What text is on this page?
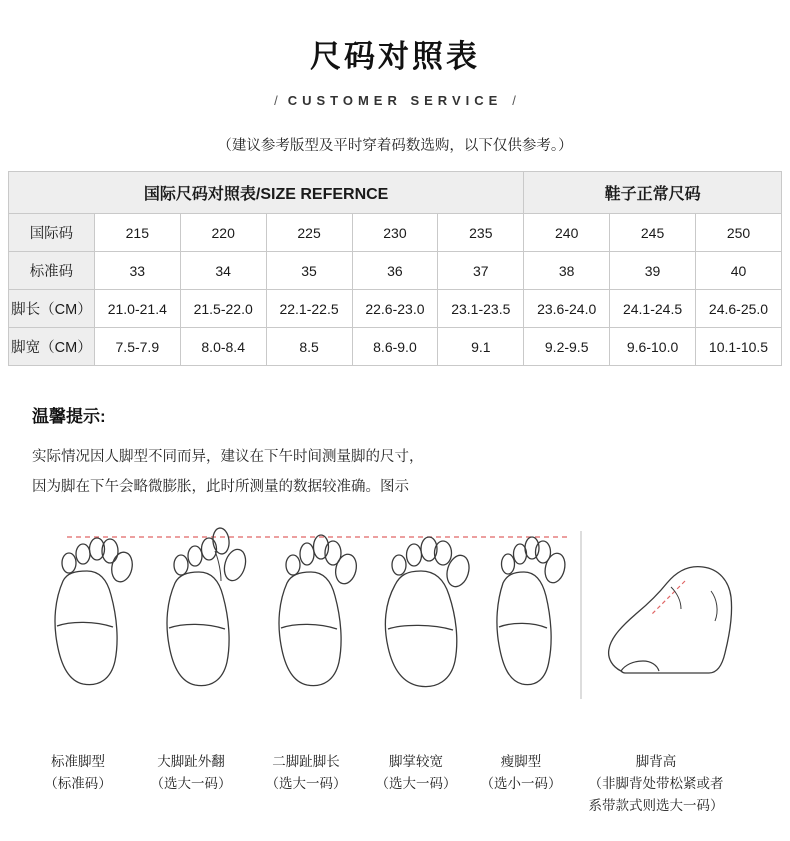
尺码对照表
/ CUSTOMER SERVICE /
（建议参考版型及平时穿着码数选购，以下仅供参考。）
国际尺码对照表/SIZE REFERNCE						鞋子正常尺码		
国际码	215	220	225	230	235	240	245	250
标准码	33	34	35	36	37	38	39	40
脚长（CM）	21.0-21.4	21.5-22.0	22.1-22.5	22.6-23.0	23.1-23.5	23.6-24.0	24.1-24.5	24.6-25.0
脚宽（CM）	7.5-7.9	8.0-8.4	8.5	8.6-9.0	9.1	9.2-9.5	9.6-10.0	10.1-10.5
温馨提示:
实际情况因人脚型不同而异，建议在下午时间测量脚的尺寸，
因为脚在下午会略微膨胀，此时所测量的数据较准确。图示
标准脚型
（标准码）
大脚趾外翻
（选大一码）
二脚趾脚长
（选大一码）
脚掌较宽
（选大一码）
瘦脚型
（选小一码）
脚背高
（非脚背处带松紧或者
系带款式则选大一码）
